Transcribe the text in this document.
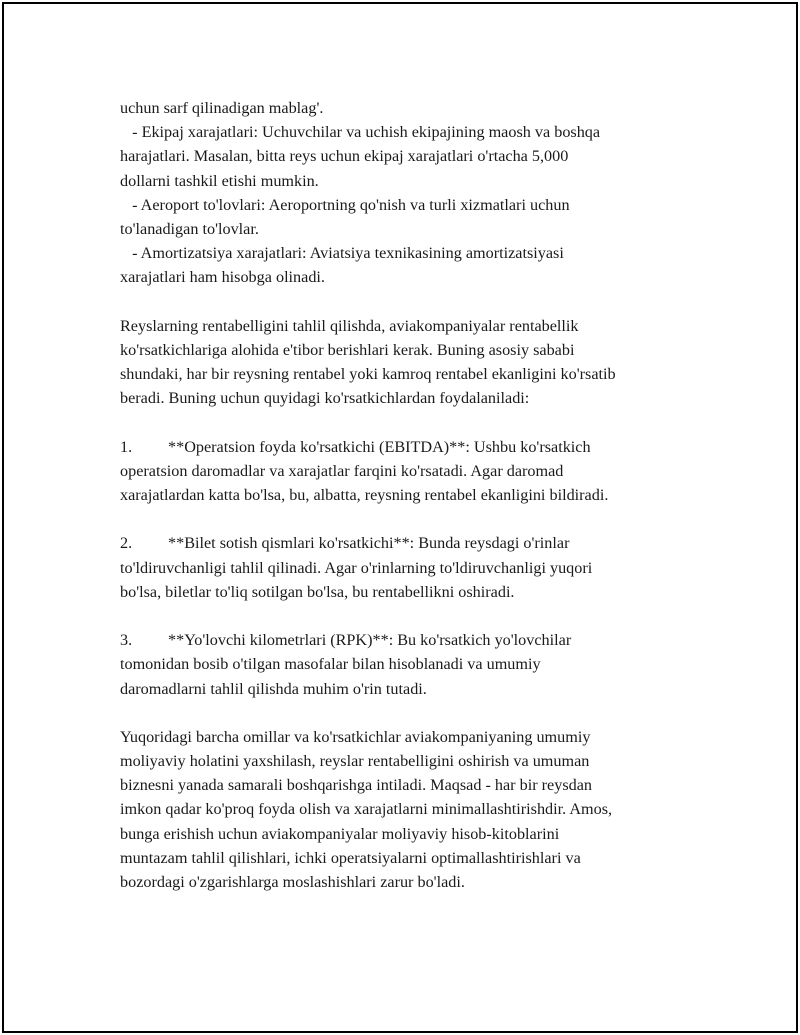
uchun sarf qilinadigan mablag'.
- Ekipaj xarajatlari: Uchuvchilar va uchish ekipajining maosh va boshqa
harajatlari. Masalan, bitta reys uchun ekipaj xarajatlari o'rtacha 5,000
dollarni tashkil etishi mumkin.
- Aeroport to'lovlari: Aeroportning qo'nish va turli xizmatlari uchun
to'lanadigan to'lovlar.
- Amortizatsiya xarajatlari: Aviatsiya texnikasining amortizatsiyasi
xarajatlari ham hisobga olinadi.
Reyslarning rentabelligini tahlil qilishda, aviakompaniyalar rentabellik
ko'rsatkichlariga alohida e'tibor berishlari kerak. Buning asosiy sababi
shundaki, har bir reysning rentabel yoki kamroq rentabel ekanligini ko'rsatib
beradi. Buning uchun quyidagi ko'rsatkichlardan foydalaniladi:
1. **Operatsion foyda ko'rsatkichi (EBITDA)**: Ushbu ko'rsatkich
operatsion daromadlar va xarajatlar farqini ko'rsatadi. Agar daromad
xarajatlardan katta bo'lsa, bu, albatta, reysning rentabel ekanligini bildiradi.
2. **Bilet sotish qismlari ko'rsatkichi**: Bunda reysdagi o'rinlar
to'ldiruvchanligi tahlil qilinadi. Agar o'rinlarning to'ldiruvchanligi yuqori
bo'lsa, biletlar to'liq sotilgan bo'lsa, bu rentabellikni oshiradi.
3. **Yo'lovchi kilometrlari (RPK)**: Bu ko'rsatkich yo'lovchilar
tomonidan bosib o'tilgan masofalar bilan hisoblanadi va umumiy
daromadlarni tahlil qilishda muhim o'rin tutadi.
Yuqoridagi barcha omillar va ko'rsatkichlar aviakompaniyaning umumiy
moliyaviy holatini yaxshilash, reyslar rentabelligini oshirish va umuman
biznesni yanada samarali boshqarishga intiladi. Maqsad - har bir reysdan
imkon qadar ko'proq foyda olish va xarajatlarni minimallashtirishdir. Amos,
bunga erishish uchun aviakompaniyalar moliyaviy hisob-kitoblarini
muntazam tahlil qilishlari, ichki operatsiyalarni optimallashtirishlari va
bozordagi o'zgarishlarga moslashishlari zarur bo'ladi.
